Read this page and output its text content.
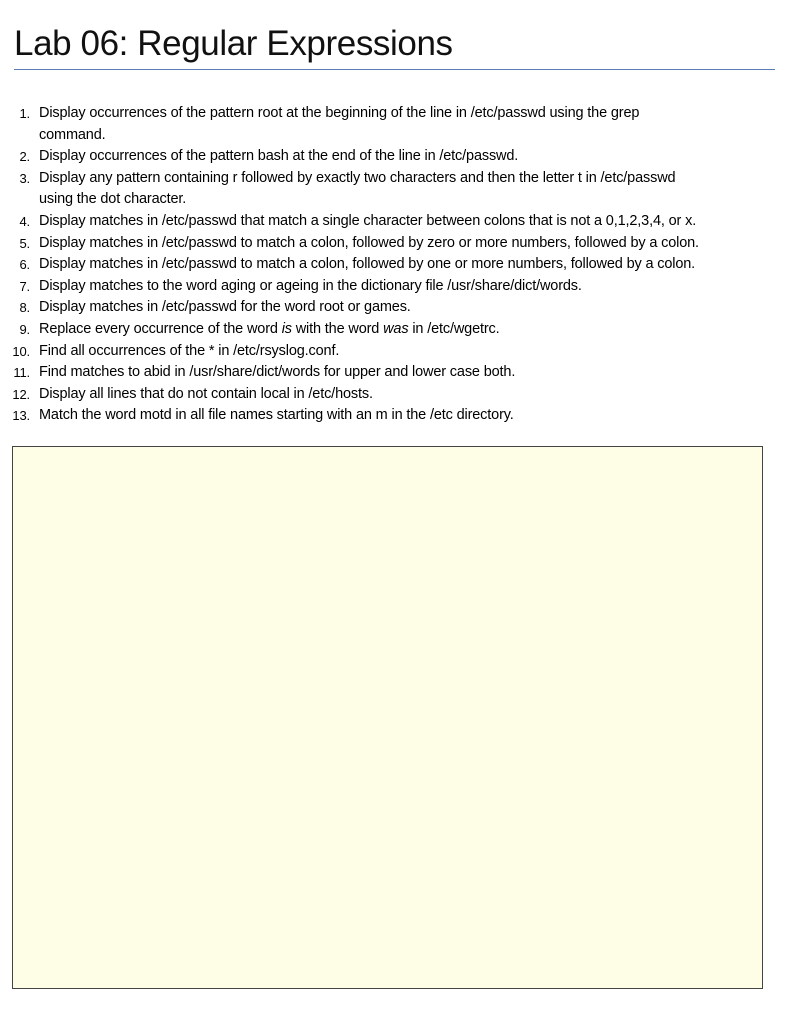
Lab 06: Regular Expressions
1. Display occurrences of the pattern root at the beginning of the line in /etc/passwd using the grep
command.
2. Display occurrences of the pattern bash at the end of the line in /etc/passwd.
3. Display any pattern containing r followed by exactly two characters and then the letter t in /etc/passwd
using the dot character.
4. Display matches in /etc/passwd that match a single character between colons that is not a 0,1,2,3,4, or x.
5. Display matches in /etc/passwd to match a colon, followed by zero or more numbers, followed by a colon.
6. Display matches in /etc/passwd to match a colon, followed by one or more numbers, followed by a colon.
7. Display matches to the word aging or ageing in the dictionary file /usr/share/dict/words.
8. Display matches in /etc/passwd for the word root or games.
9. Replace every occurrence of the word is with the word was in /etc/wgetrc.
10. Find all occurrences of the * in /etc/rsyslog.conf.
11. Find matches to abid in /usr/share/dict/words for upper and lower case both.
12. Display all lines that do not contain local in /etc/hosts.
13. Match the word motd in all file names starting with an m in the /etc directory.
